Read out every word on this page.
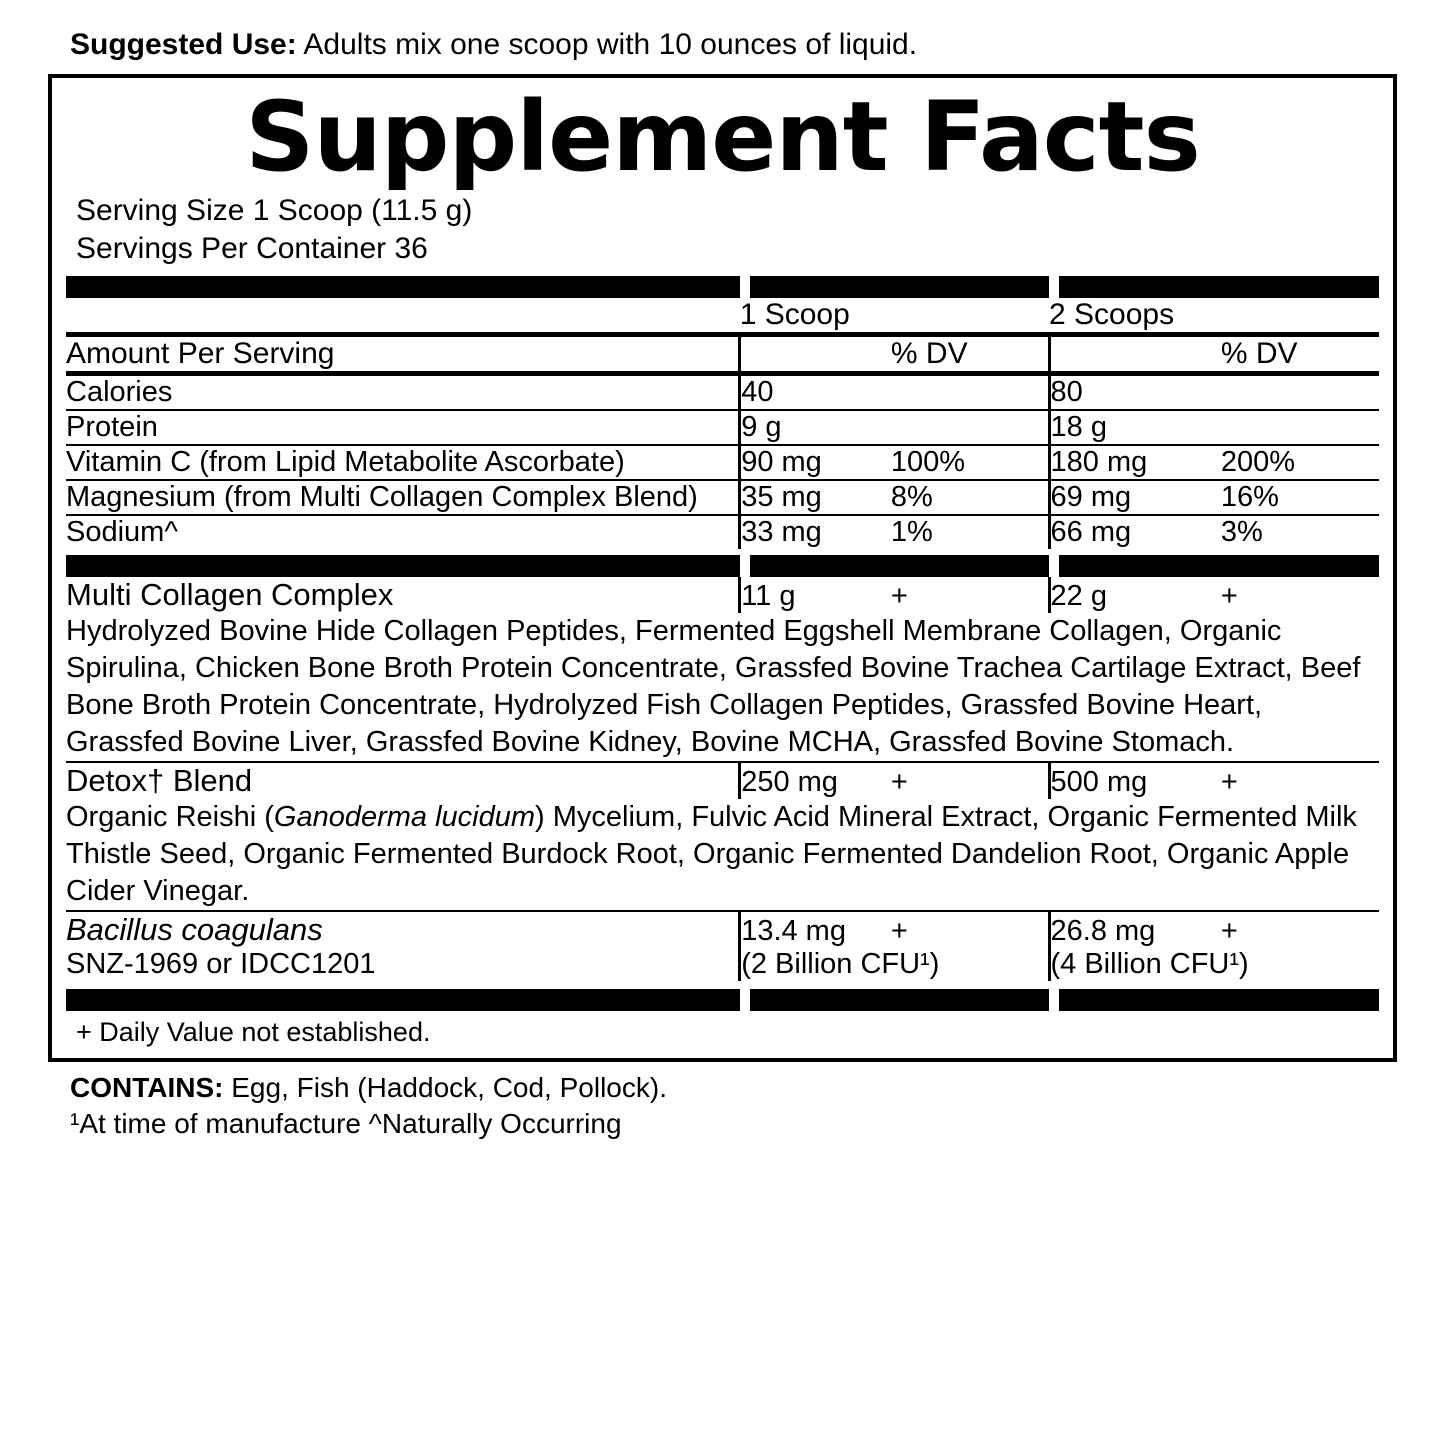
Suggested Use: Adults mix one scoop with 10 ounces of liquid.
Supplement Facts
Serving Size 1 Scoop (11.5 g)
Servings Per Container 36

	1 Scoop		2 Scoops	

Amount Per Serving		% DV		% DV

Calories	40		80	
Protein	9 g		18 g	
Vitamin C (from Lipid Metabolite Ascorbate)	90 mg	100%	180 mg	200%
Magnesium (from Multi Collagen Complex Blend)	35 mg	8%	69 mg	16%
Sodium^	33 mg	1%	66 mg	3%

Multi Collagen Complex	11 g	+	22 g	+
Hydrolyzed Bovine Hide Collagen Peptides, Fermented Eggshell Membrane Collagen, Organic Spirulina, Chicken Bone Broth Protein Concentrate, Grassfed Bovine Trachea Cartilage Extract, Beef Bone Broth Protein Concentrate, Hydrolyzed Fish Collagen Peptides, Grassfed Bovine Heart, Grassfed Bovine Liver, Grassfed Bovine Kidney, Bovine MCHA, Grassfed Bovine Stomach.				
Detox† Blend	250 mg	+	500 mg	+
Organic Reishi (Ganoderma lucidum) Mycelium, Fulvic Acid Mineral Extract, Organic Fermented Milk Thistle Seed, Organic Fermented Burdock Root, Organic Fermented Dandelion Root, Organic Apple Cider Vinegar.				
Bacillus coagulans	13.4 mg	+	26.8 mg	+
SNZ-1969 or IDCC1201	(2 Billion CFU¹)		(4 Billion CFU¹)	

+ Daily Value not established.
CONTAINS: Egg, Fish (Haddock, Cod, Pollock).
¹At time of manufacture ^Naturally Occurring
